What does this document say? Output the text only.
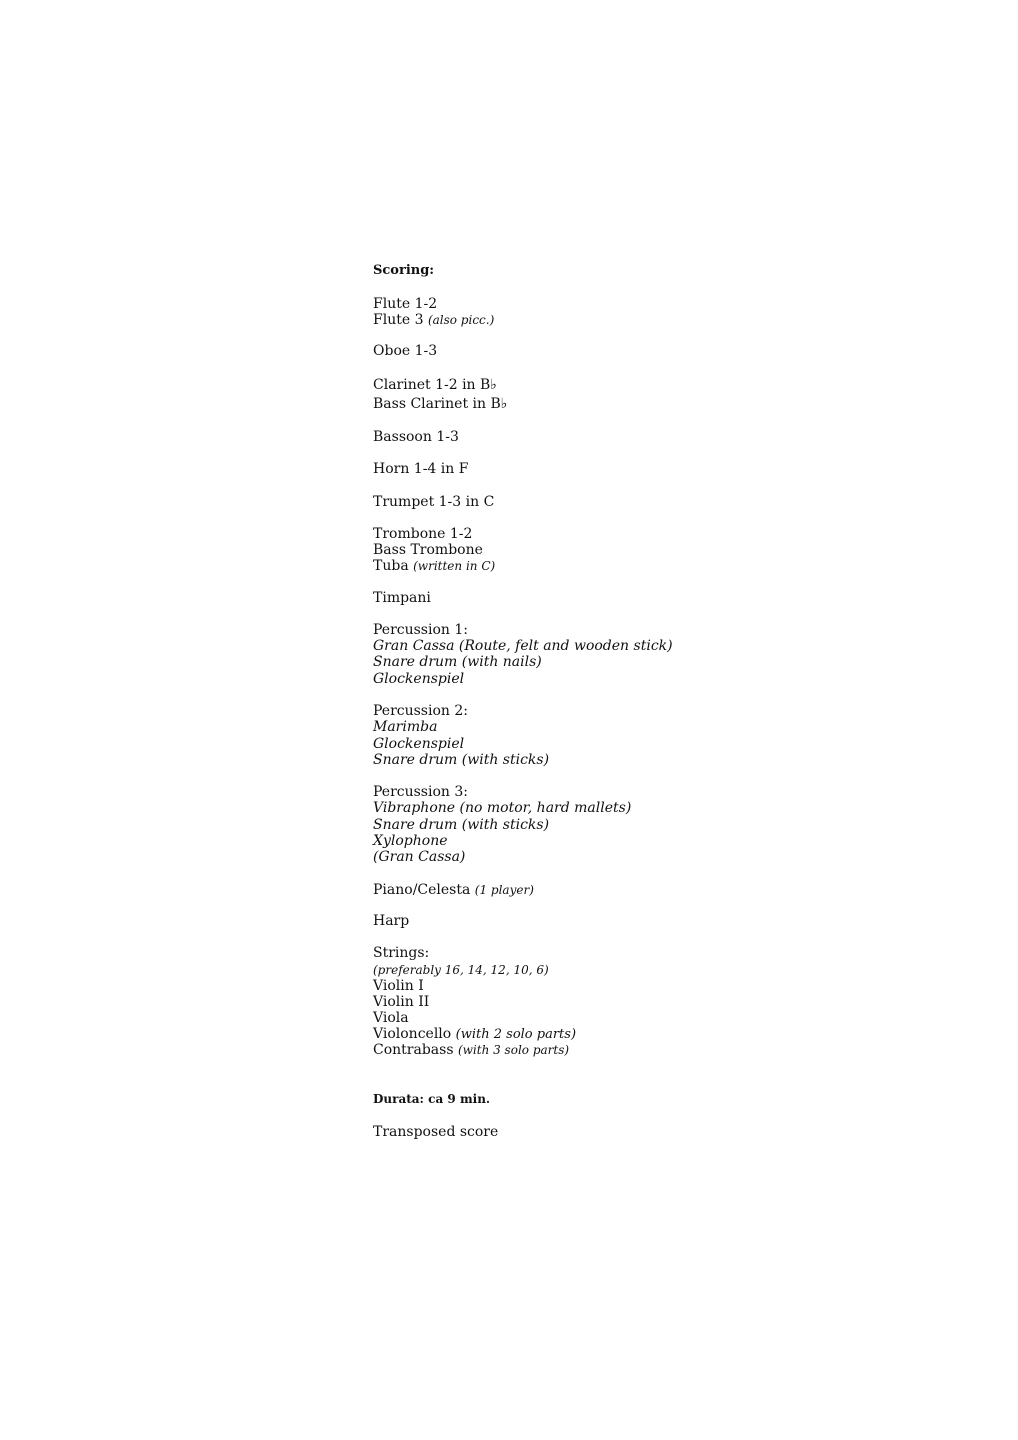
Scoring:
Flute 1-2
Flute 3 (also picc.)
Oboe 1-3
Clarinet 1-2 in B♭
Bass Clarinet in B♭
Bassoon 1-3
Horn 1-4 in F
Trumpet 1-3 in C
Trombone 1-2
Bass Trombone
Tuba (written in C)
Timpani
Percussion 1:
Gran Cassa (Route, felt and wooden stick)
Snare drum (with nails)
Glockenspiel
Percussion 2:
Marimba
Glockenspiel
Snare drum (with sticks)
Percussion 3:
Vibraphone (no motor, hard mallets)
Snare drum (with sticks)
Xylophone
(Gran Cassa)
Piano/Celesta (1 player)
Harp
Strings:
(preferably 16, 14, 12, 10, 6)
Violin I
Violin II
Viola
Violoncello (with 2 solo parts)
Contrabass (with 3 solo parts)
Durata: ca 9 min.
Transposed score
